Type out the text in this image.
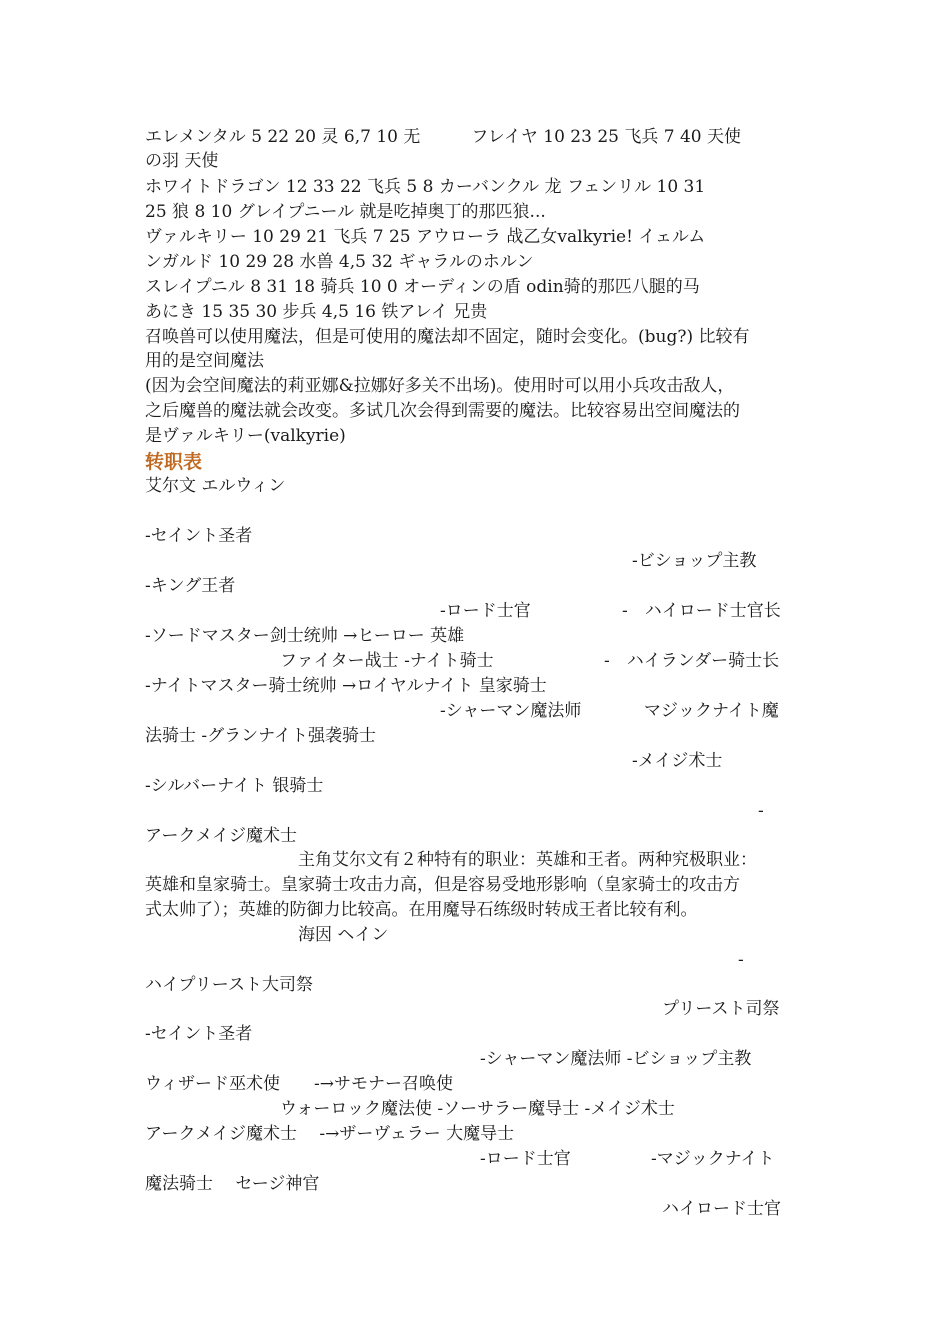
エレメンタル 5 22 20 灵 6,7 10 无　　　フレイヤ 10 23 25 飞兵 7 40 天使
の羽 天使
ホワイトドラゴン 12 33 22 飞兵 5 8 カーバンクル 龙 フェンリル 10 31
25 狼 8 10 グレイプニール 就是吃掉奥丁的那匹狼...
ヴァルキリー 10 29 21 飞兵 7 25 アウローラ 战乙女valkyrie! イェルム
ンガルド 10 29 28 水兽 4,5 32 ギャラルのホルン
スレイプニル 8 31 18 骑兵 10 0 オーディンの盾 odin骑的那匹八腿的马
あにき 15 35 30 步兵 4,5 16 铁アレイ 兄贵
召唤兽可以使用魔法，但是可使用的魔法却不固定，随时会变化。(bug?) 比较有
用的是空间魔法
(因为会空间魔法的莉亚娜&拉娜好多关不出场)。使用时可以用小兵攻击敌人，
之后魔兽的魔法就会改变。多试几次会得到需要的魔法。比较容易出空间魔法的
是ヴァルキリー(valkyrie)
转职表
艾尔文 エルウィン
-セイント圣者
-ビショップ主教
-キング王者
-ロード士官	-　ハイロード士官长
-ソードマスター剑士统帅 →ヒーロー 英雄
ファイター战士 -ナイト骑士	-　ハイランダー骑士长
-ナイトマスター骑士统帅 →ロイヤルナイト 皇家骑士
-シャーマン魔法师	マジックナイト魔
法骑士 -グランナイト强袭骑士
-メイジ术士
-シルバーナイト 银骑士
-
アークメイジ魔术士
主角艾尔文有２种特有的职业：英雄和王者。两种究极职业：
英雄和皇家骑士。皇家骑士攻击力高，但是容易受地形影响（皇家骑士的攻击方
式太帅了）；英雄的防御力比较高。在用魔导石练级时转成王者比较有利。
海因 ヘイン
-
ハイプリースト大司祭
プリースト司祭
-セイント圣者
-シャーマン魔法师 -ビショップ主教
ウィザード巫术使　　-→サモナー召唤使
ウォーロック魔法使 -ソーサラー魔导士 -メイジ术士
アークメイジ魔术士　 -→ザーヴェラー 大魔导士
-ロード士官	-マジックナイト
魔法骑士　 セージ神官
ハイロード士官
